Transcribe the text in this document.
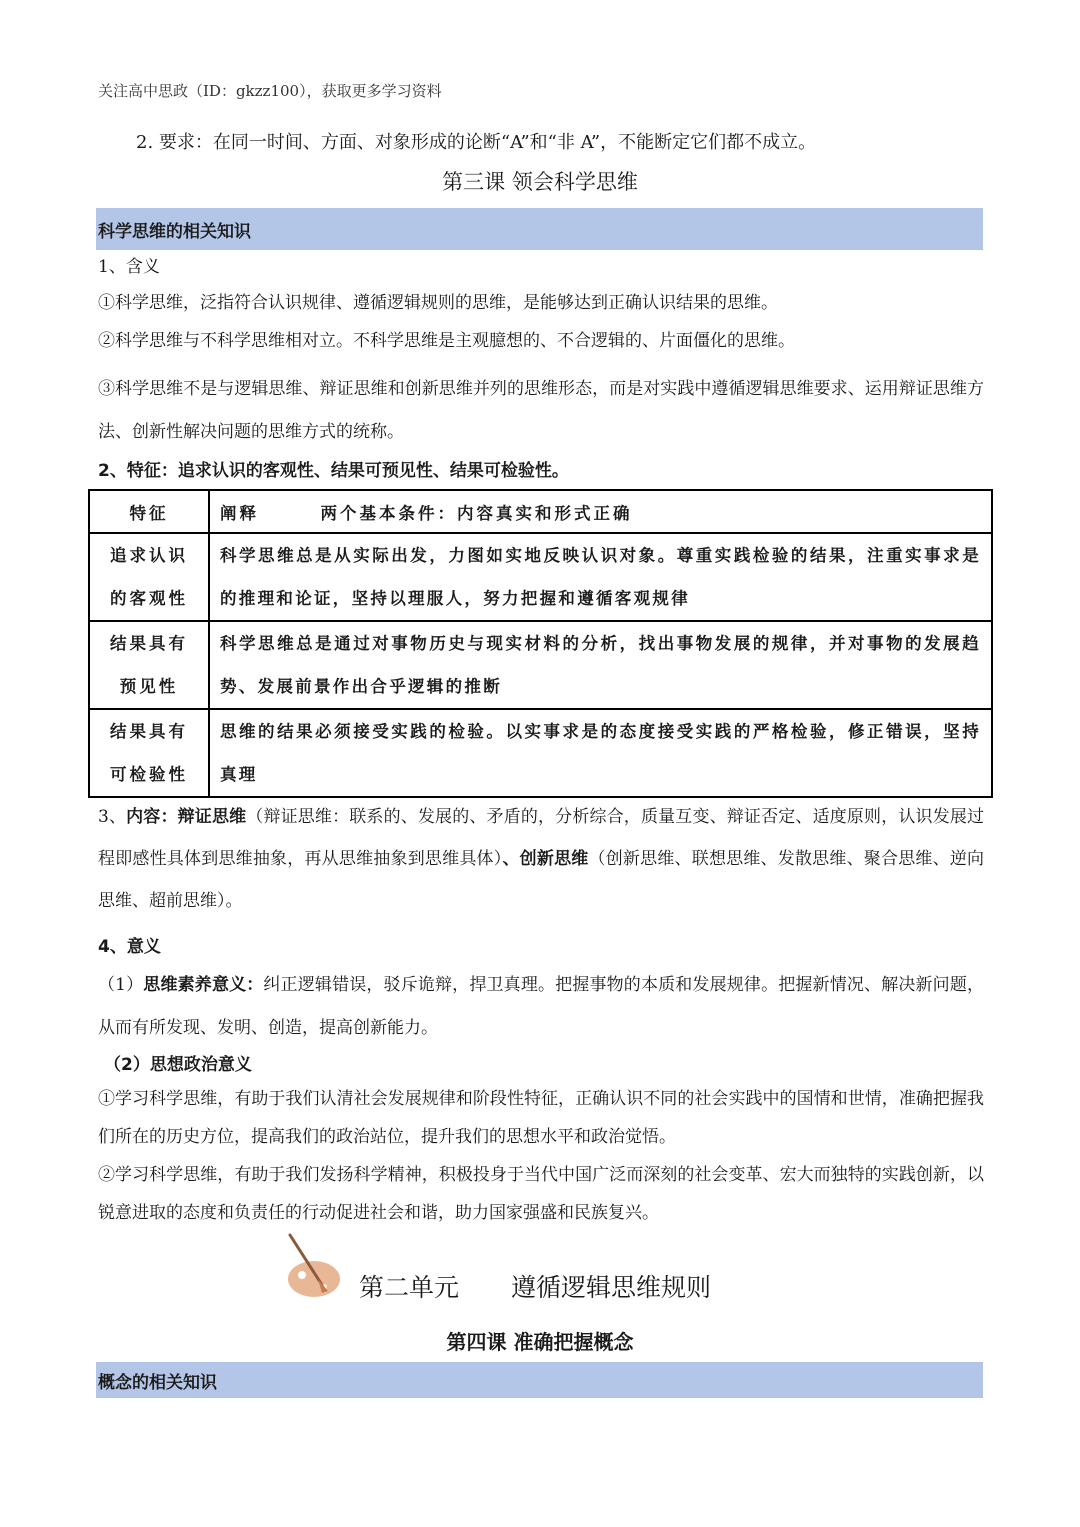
关注高中思政（ID：gkzz100），获取更多学习资料
2. 要求：在同一时间、方面、对象形成的论断“A”和“非 A”，不能断定它们都不成立。
第三课 领会科学思维
科学思维的相关知识
1、含义
①科学思维，泛指符合认识规律、遵循逻辑规则的思维，是能够达到正确认识结果的思维。
②科学思维与不科学思维相对立。不科学思维是主观臆想的、不合逻辑的、片面僵化的思维。
③科学思维不是与逻辑思维、辩证思维和创新思维并列的思维形态，而是对实践中遵循逻辑思维要求、运用辩证思维方法、创新性解决问题的思维方式的统称。
2、特征：追求认识的客观性、结果可预见性、结果可检验性。
特征	阐释 两个基本条件：内容真实和形式正确
追求认识
的客观性	科学思维总是从实际出发，力图如实地反映认识对象。尊重实践检验的结果，注重实事求是的推理和论证，坚持以理服人，努力把握和遵循客观规律
结果具有
预见性	科学思维总是通过对事物历史与现实材料的分析，找出事物发展的规律，并对事物的发展趋势、发展前景作出合乎逻辑的推断
结果具有
可检验性	思维的结果必须接受实践的检验。以实事求是的态度接受实践的严格检验，修正错误，坚持真理
3、内容：辩证思维（辩证思维：联系的、发展的、矛盾的，分析综合，质量互变、辩证否定、适度原则，认识发展过程即感性具体到思维抽象，再从思维抽象到思维具体）、创新思维（创新思维、联想思维、发散思维、聚合思维、逆向思维、超前思维）。
4、意义
（1）思维素养意义：纠正逻辑错误，驳斥诡辩，捍卫真理。把握事物的本质和发展规律。把握新情况、解决新问题，从而有所发现、发明、创造，提高创新能力。
（2）思想政治意义
①学习科学思维，有助于我们认清社会发展规律和阶段性特征，正确认识不同的社会实践中的国情和世情，准确把握我们所在的历史方位，提高我们的政治站位，提升我们的思想水平和政治觉悟。
②学习科学思维，有助于我们发扬科学精神，积极投身于当代中国广泛而深刻的社会变革、宏大而独特的实践创新，以锐意进取的态度和负责任的行动促进社会和谐，助力国家强盛和民族复兴。
第二单元 遵循逻辑思维规则
第四课 准确把握概念
概念的相关知识
